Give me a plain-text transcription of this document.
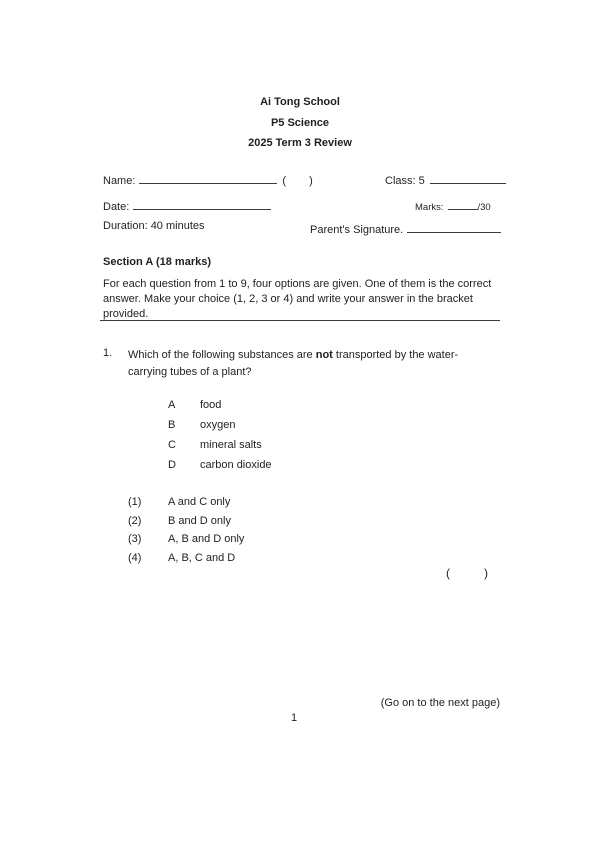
Ai Tong School
P5 Science
2025 Term 3 Review
Name:	( )	Class: 5
Date:	Marks:	/30
Duration: 40 minutes	Parent's Signature.
Section A (18 marks)
For each question from 1 to 9, four options are given. One of them is the correct answer. Make your choice (1, 2, 3 or 4) and write your answer in the bracket provided.
1. Which of the following substances are not transported by the water-carrying tubes of a plant?
A food
B oxygen
C mineral salts
D carbon dioxide
(1) A and C only
(2) B and D only
(3) A, B and D only
(4) A, B, C and D
(	)
(Go on to the next page)
1
